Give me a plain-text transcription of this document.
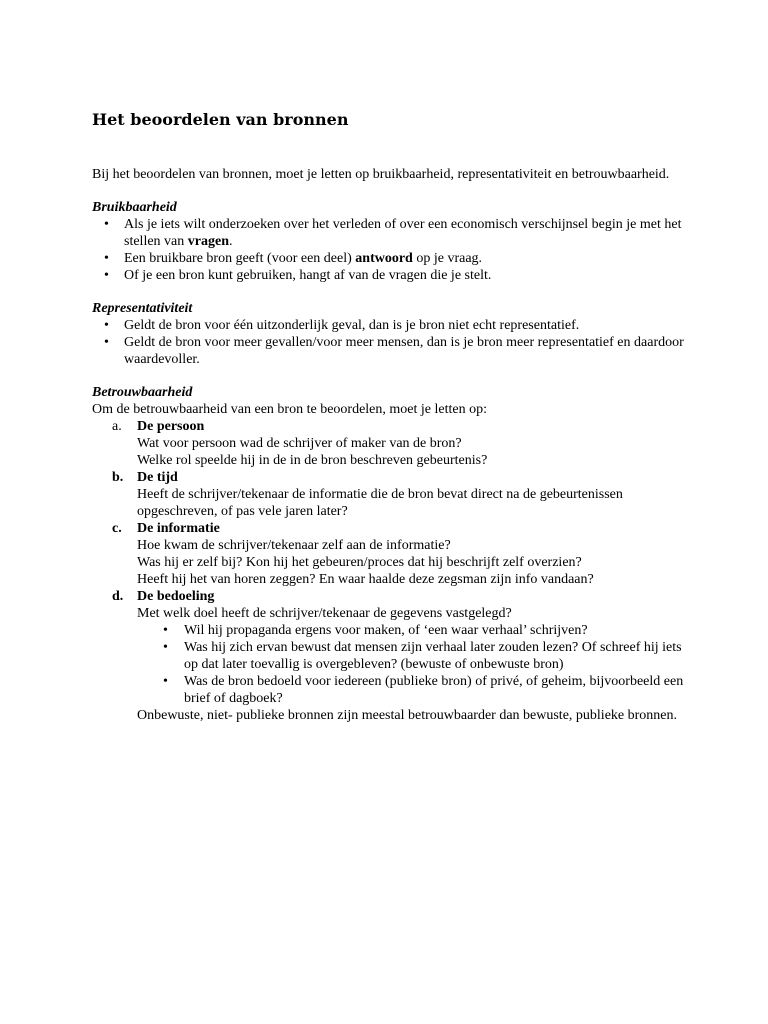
Het beoordelen van bronnen

Bij het beoordelen van bronnen, moet je letten op bruikbaarheid, representativiteit en betrouwbaarheid.

Bruikbaarheid

• Als je iets wilt onderzoeken over het verleden of over een economisch verschijnsel begin je met het stellen van vragen.
• Een bruikbare bron geeft (voor een deel) antwoord op je vraag.
• Of je een bron kunt gebruiken, hangt af van de vragen die je stelt.

Representativiteit

• Geldt de bron voor één uitzonderlijk geval, dan is je bron niet echt representatief.
• Geldt de bron voor meer gevallen/voor meer mensen, dan is je bron meer representatief en daardoor waardevoller.

Betrouwbaarheid

Om de betrouwbaarheid van een bron te beoordelen, moet je letten op:

a. De persoon
Wat voor persoon wad de schrijver of maker van de bron?
Welke rol speelde hij in de in de bron beschreven gebeurtenis?
b. De tijd
Heeft de schrijver/tekenaar de informatie die de bron bevat direct na de gebeurtenissen opgeschreven, of pas vele jaren later?
c. De informatie
Hoe kwam de schrijver/tekenaar zelf aan de informatie?
Was hij er zelf bij? Kon hij het gebeuren/proces dat hij beschrijft zelf overzien?
Heeft hij het van horen zeggen? En waar haalde deze zegsman zijn info vandaan?
d. De bedoeling
Met welk doel heeft de schrijver/tekenaar de gegevens vastgelegd?
• Wil hij propaganda ergens voor maken, of ‘een waar verhaal’ schrijven?
• Was hij zich ervan bewust dat mensen zijn verhaal later zouden lezen? Of schreef hij iets op dat later toevallig is overgebleven? (bewuste of onbewuste bron)
• Was de bron bedoeld voor iedereen (publieke bron) of privé, of geheim, bijvoorbeeld een brief of dagboek?
Onbewuste, niet- publieke bronnen zijn meestal betrouwbaarder dan bewuste, publieke bronnen.
